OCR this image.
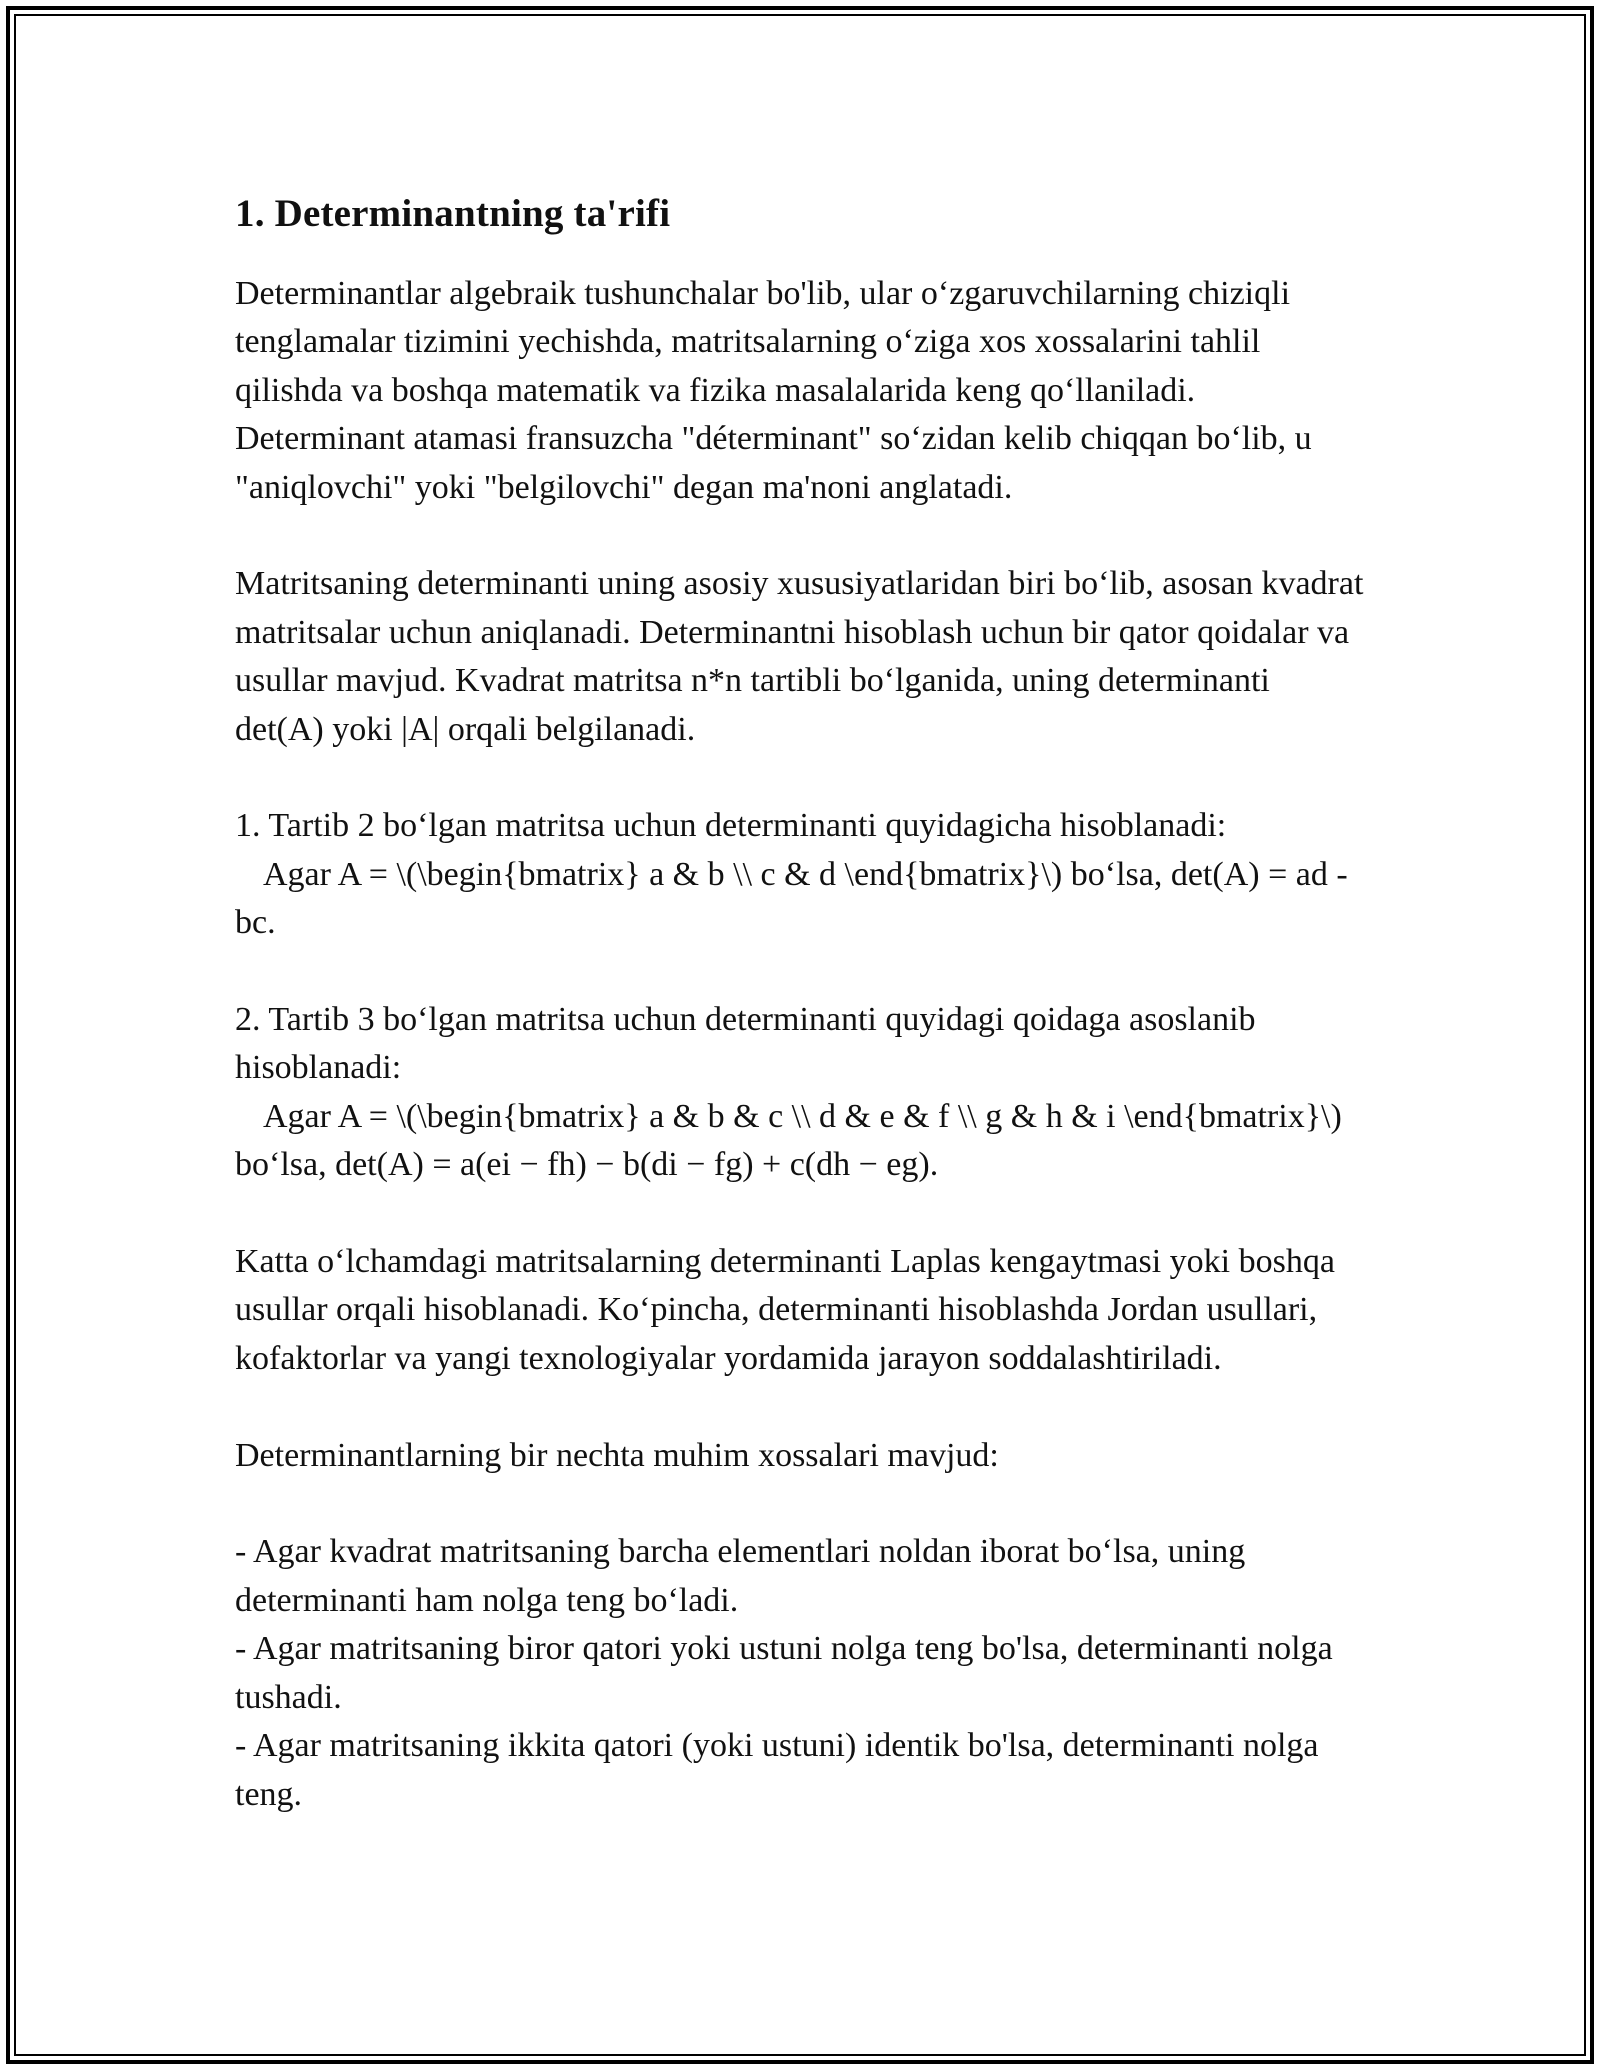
1. Determinantning ta'rifi

Determinantlar algebraik tushunchalar bo'lib, ular o‘zgaruvchilarning chiziqli tenglamalar tizimini yechishda, matritsalarning o‘ziga xos xossalarini tahlil qilishda va boshqa matematik va fizika masalalarida keng qo‘llaniladi. Determinant atamasi fransuzcha "déterminant" so‘zidan kelib chiqqan bo‘lib, u "aniqlovchi" yoki "belgilovchi" degan ma'noni anglatadi.

Matritsaning determinanti uning asosiy xususiyatlaridan biri bo‘lib, asosan kvadrat matritsalar uchun aniqlanadi. Determinantni hisoblash uchun bir qator qoidalar va usullar mavjud. Kvadrat matritsa n*n tartibli bo‘lganida, uning determinanti det(A) yoki |A| orqali belgilanadi.

1. Tartib 2 bo‘lgan matritsa uchun determinanti quyidagicha hisoblanadi:
Agar A = \(\begin{bmatrix} a & b \\ c & d \end{bmatrix}\) bo‘lsa, det(A) = ad - bc.
2. Tartib 3 bo‘lgan matritsa uchun determinanti quyidagi qoidaga asoslanib hisoblanadi:
Agar A = \(\begin{bmatrix} a & b & c \\ d & e & f \\ g & h & i \end{bmatrix}\) bo‘lsa, det(A) = a(ei − fh) − b(di − fg) + c(dh − eg).

Katta o‘lchamdagi matritsalarning determinanti Laplas kengaytmasi yoki boshqa usullar orqali hisoblanadi. Ko‘pincha, determinanti hisoblashda Jordan usullari, kofaktorlar va yangi texnologiyalar yordamida jarayon soddalashtiriladi.

Determinantlarning bir nechta muhim xossalari mavjud:

- Agar kvadrat matritsaning barcha elementlari noldan iborat bo‘lsa, uning determinanti ham nolga teng bo‘ladi.
- Agar matritsaning biror qatori yoki ustuni nolga teng bo'lsa, determinanti nolga tushadi.
- Agar matritsaning ikkita qatori (yoki ustuni) identik bo'lsa, determinanti nolga teng.
